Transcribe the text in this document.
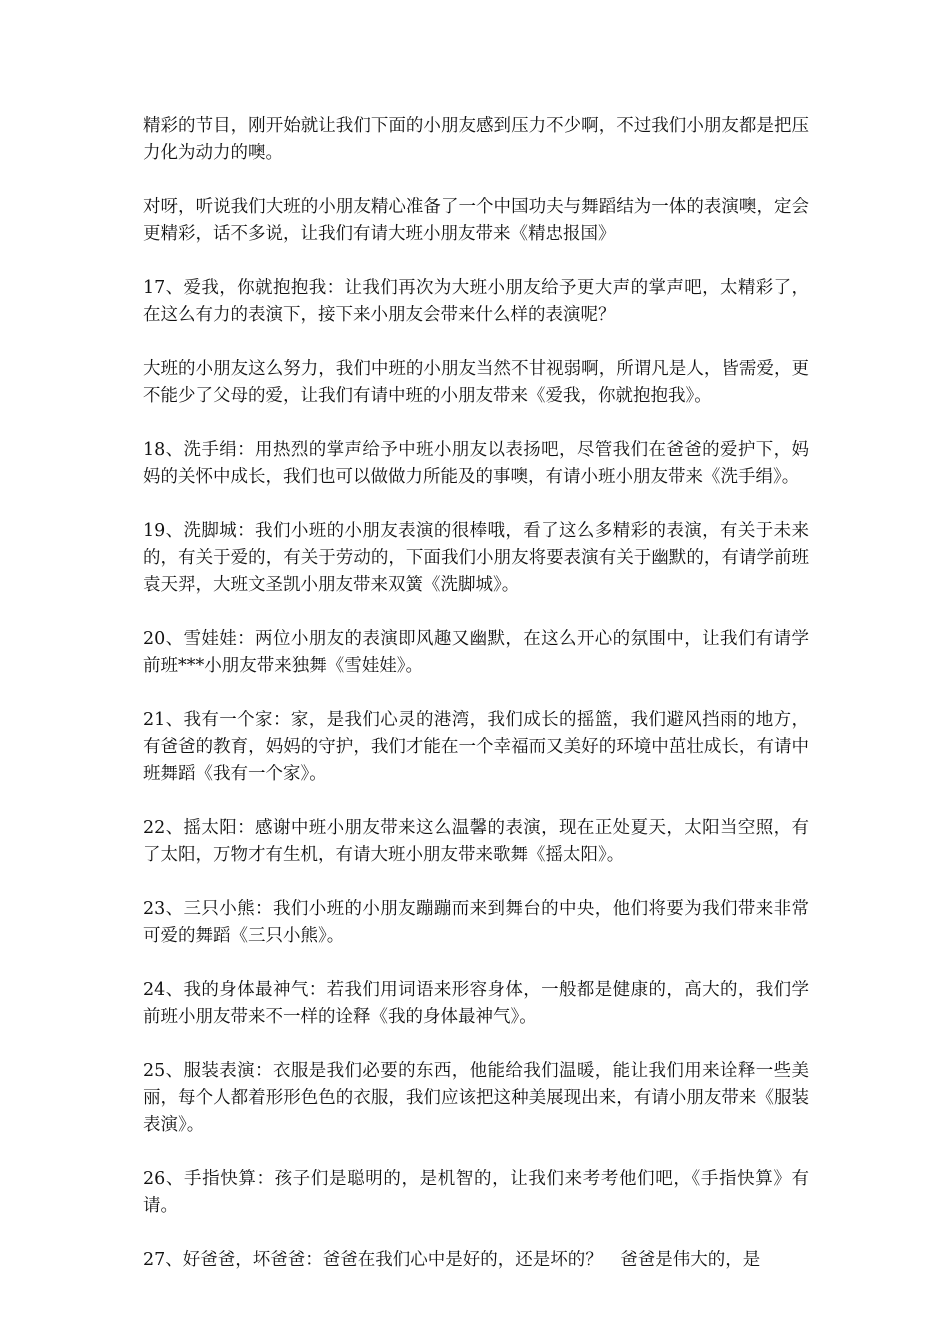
精彩的节目，刚开始就让我们下面的小朋友感到压力不少啊，不过我们小朋友都是把压力化为动力的噢。

对呀，听说我们大班的小朋友精心准备了一个中国功夫与舞蹈结为一体的表演噢，定会更精彩，话不多说，让我们有请大班小朋友带来《精忠报国》

17、爱我，你就抱抱我：让我们再次为大班小朋友给予更大声的掌声吧，太精彩了，在这么有力的表演下，接下来小朋友会带来什么样的表演呢？

大班的小朋友这么努力，我们中班的小朋友当然不甘视弱啊，所谓凡是人，皆需爱，更不能少了父母的爱，让我们有请中班的小朋友带来《爱我，你就抱抱我》。

18、洗手绢：用热烈的掌声给予中班小朋友以表扬吧，尽管我们在爸爸的爱护下，妈妈的关怀中成长，我们也可以做做力所能及的事噢，有请小班小朋友带来《洗手绢》。

19、洗脚城：我们小班的小朋友表演的很棒哦，看了这么多精彩的表演，有关于未来的，有关于爱的，有关于劳动的，下面我们小朋友将要表演有关于幽默的，有请学前班袁天羿，大班文圣凯小朋友带来双簧《洗脚城》。

20、雪娃娃：两位小朋友的表演即风趣又幽默，在这么开心的氛围中，让我们有请学前班***小朋友带来独舞《雪娃娃》。

21、我有一个家：家，是我们心灵的港湾，我们成长的摇篮，我们避风挡雨的地方，有爸爸的教育，妈妈的守护，我们才能在一个幸福而又美好的环境中茁壮成长，有请中班舞蹈《我有一个家》。

22、摇太阳：感谢中班小朋友带来这么温馨的表演，现在正处夏天，太阳当空照，有了太阳，万物才有生机，有请大班小朋友带来歌舞《摇太阳》。

23、三只小熊：我们小班的小朋友蹦蹦而来到舞台的中央，他们将要为我们带来非常可爱的舞蹈《三只小熊》。

24、我的身体最神气：若我们用词语来形容身体，一般都是健康的，高大的，我们学前班小朋友带来不一样的诠释《我的身体最神气》。

25、服装表演：衣服是我们必要的东西，他能给我们温暖，能让我们用来诠释一些美丽，每个人都着形形色色的衣服，我们应该把这种美展现出来，有请小朋友带来《服装表演》。

26、手指快算：孩子们是聪明的，是机智的，让我们来考考他们吧，《手指快算》有请。

27、好爸爸，坏爸爸：爸爸在我们心中是好的，还是坏的？　爸爸是伟大的，是
